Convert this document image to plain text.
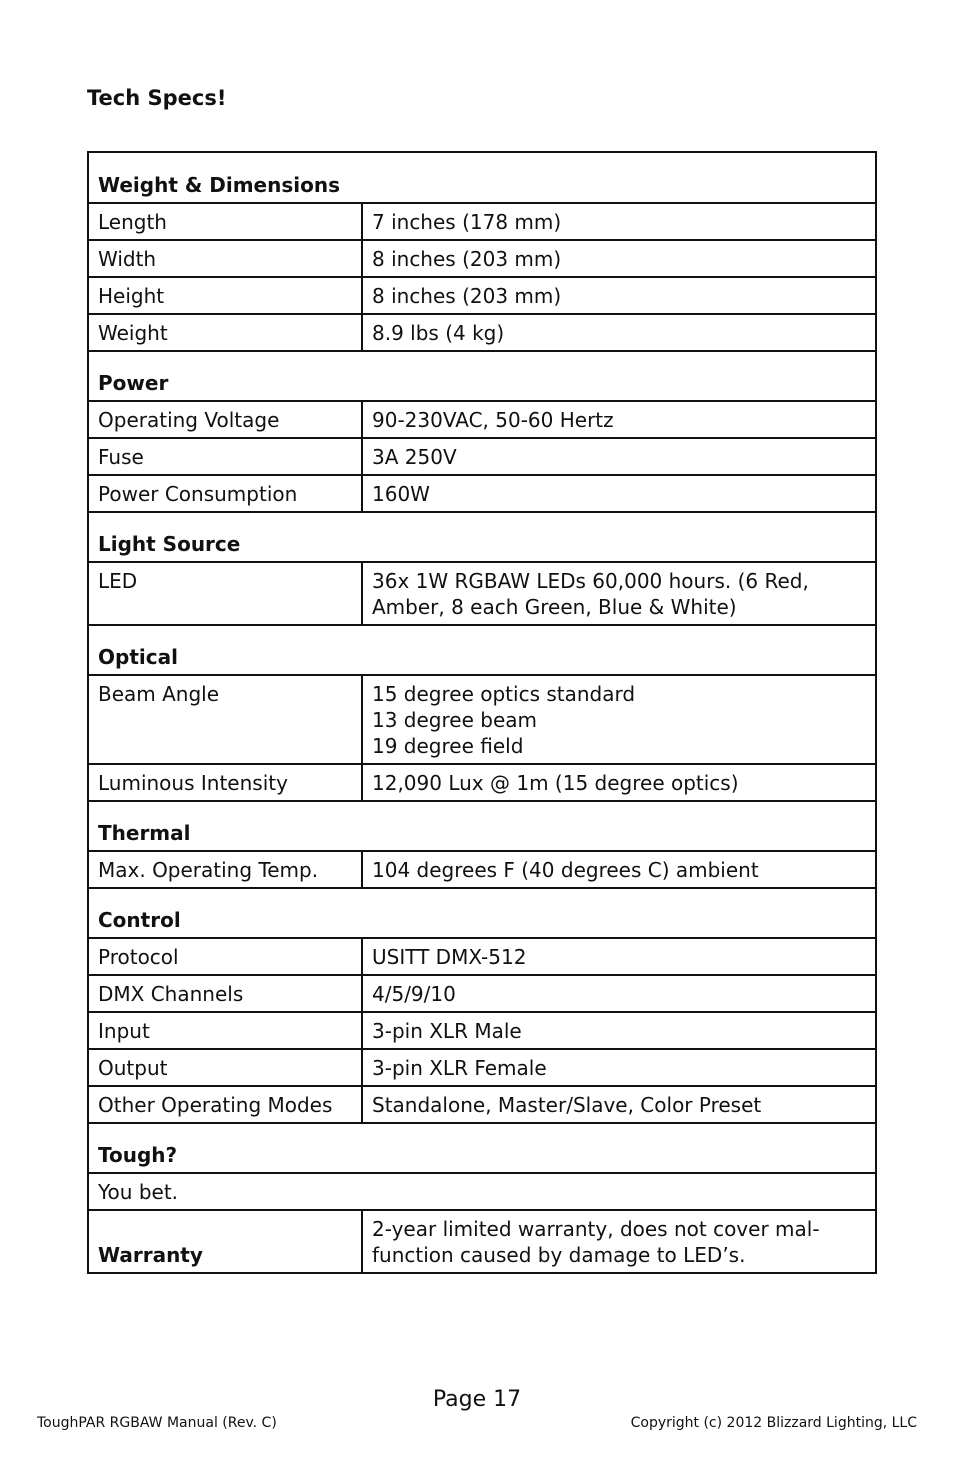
Tech Specs!
Weight & Dimensions	
Length	7 inches (178 mm)

Width	8 inches (203 mm)

Height	8 inches (203 mm)

Weight	8.9 lbs (4 kg)

Power	
Operating Voltage	90-230VAC, 50-60 Hertz

Fuse	3A 250V

Power Consumption	160W

Light Source	
LED	36x 1W RGBAW LEDs 60,000 hours. (6 Red,
Amber, 8 each Green, Blue & White)

Optical	
Beam Angle	15 degree optics standard
13 degree beam
19 degree field

Luminous Intensity	12,090 Lux @ 1m (15 degree optics)

Thermal	
Max. Operating Temp.	104 degrees F (40 degrees C) ambient

Control	
Protocol	USITT DMX-512

DMX Channels	4/5/9/10

Input	3-pin XLR Male

Output	3-pin XLR Female

Other Operating Modes	Standalone, Master/Slave, Color Preset

Tough?	
You bet.	
Warranty	2-year limited warranty, does not cover mal-
function caused by damage to LED’s.
Page 17
ToughPAR RGBAW Manual (Rev. C)	Copyright (c) 2012 Blizzard Lighting, LLC
